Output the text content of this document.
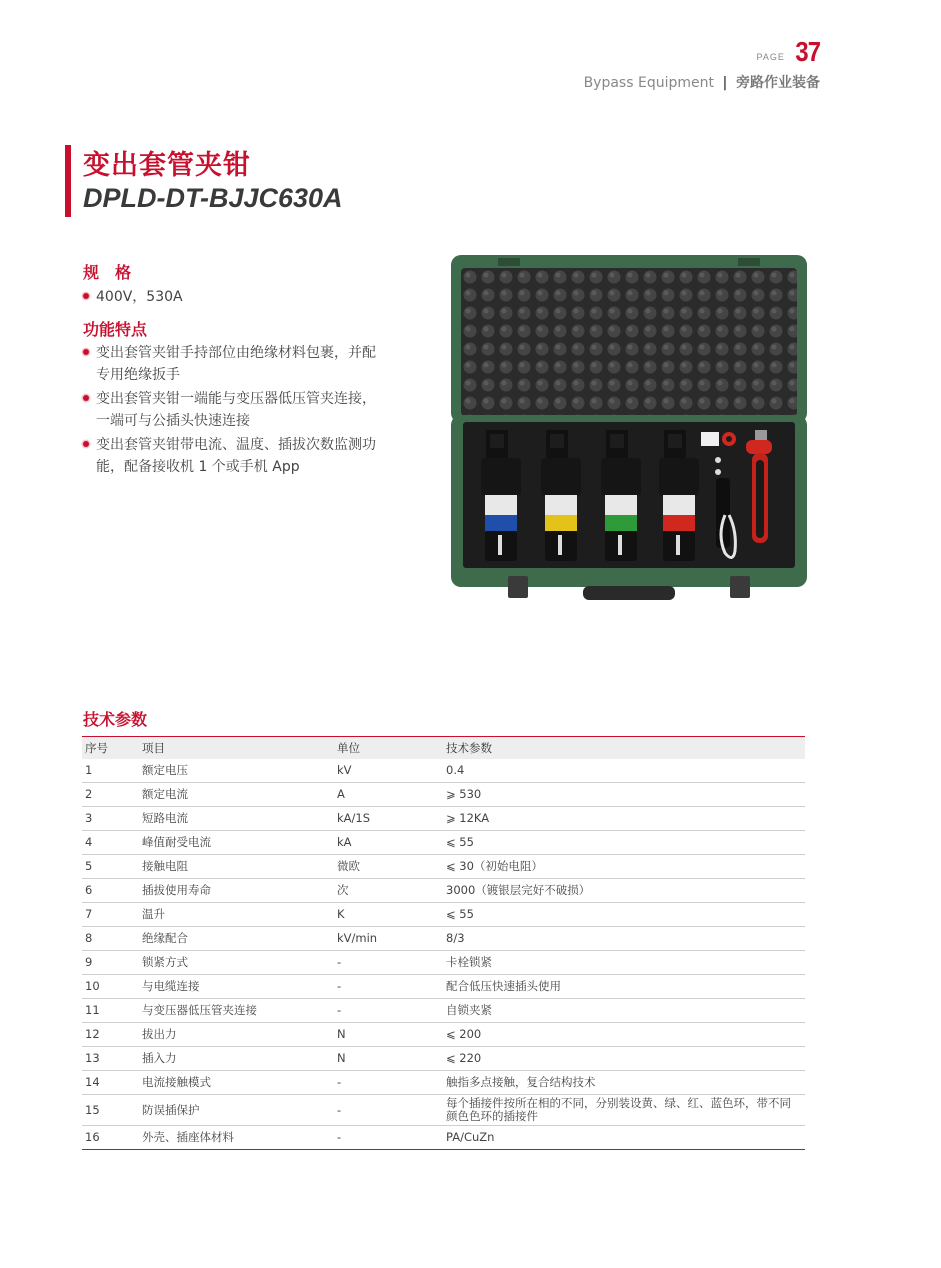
PAGE 37
Bypass Equipment | 旁路作业装备
变出套管夹钳
DPLD-DT-BJJC630A
规　格
400V，530A
功能特点
变出套管夹钳手持部位由绝缘材料包裹，并配专用绝缘扳手
变出套管夹钳一端能与变压器低压管夹连接，一端可与公插头快速连接
变出套管夹钳带电流、温度、插拔次数监测功能，配备接收机 1 个或手机 App
技术参数
序号	项目	单位	技术参数
1	额定电压	kV	0.4
2	额定电流	A	⩾ 530
3	短路电流	kA/1S	⩾ 12KA
4	峰值耐受电流	kA	⩽ 55
5	接触电阻	微欧	⩽ 30（初始电阻）
6	插拔使用寿命	次	3000（镀银层完好不破损）
7	温升	K	⩽ 55
8	绝缘配合	kV/min	8/3
9	锁紧方式	-	卡栓锁紧
10	与电缆连接	-	配合低压快速插头使用
11	与变压器低压管夹连接	-	自锁夹紧
12	拔出力	N	⩽ 200
13	插入力	N	⩽ 220
14	电流接触模式	-	触指多点接触，复合结构技术
15	防误插保护	-	每个插接件按所在相的不同，分别装设黄、绿、红、蓝色环，带不同颜色色环的插接件
16	外壳、插座体材料	-	PA/CuZn
